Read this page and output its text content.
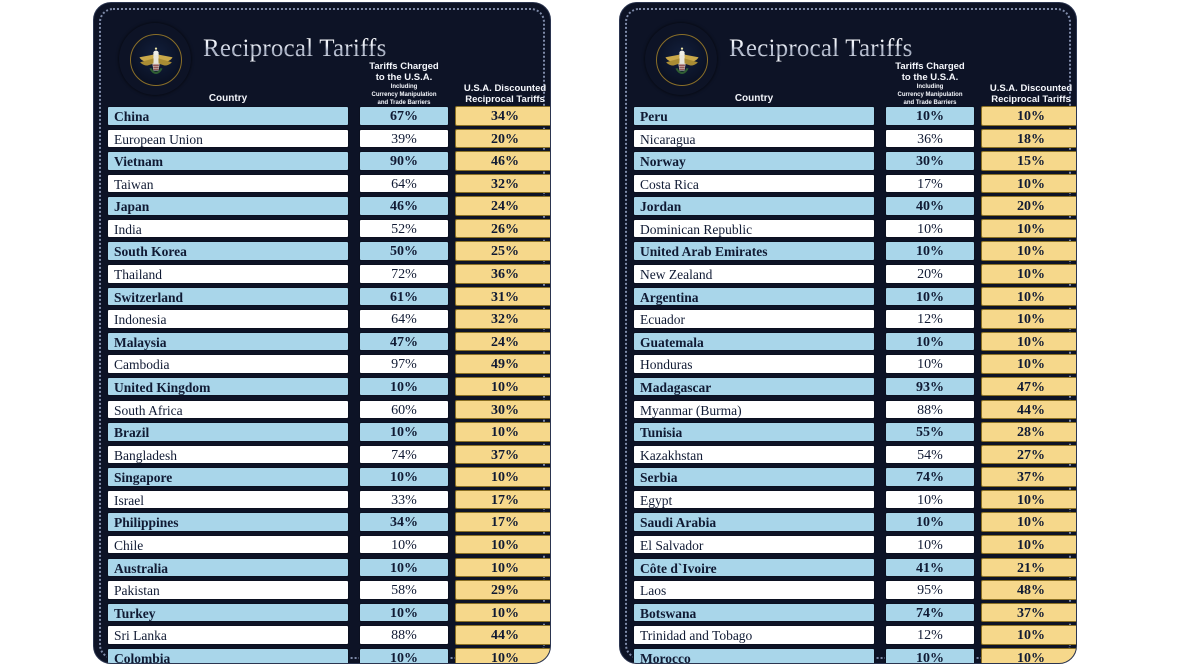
Reciprocal Tariffs
Country
Tariffs Charged
to the U.S.A.
Including
Currency Manipulation
and Trade Barriers
U.S.A. Discounted
Reciprocal Tariffs
China	67%	34%
European Union	39%	20%
Vietnam	90%	46%
Taiwan	64%	32%
Japan	46%	24%
India	52%	26%
South Korea	50%	25%
Thailand	72%	36%
Switzerland	61%	31%
Indonesia	64%	32%
Malaysia	47%	24%
Cambodia	97%	49%
United Kingdom	10%	10%
South Africa	60%	30%
Brazil	10%	10%
Bangladesh	74%	37%
Singapore	10%	10%
Israel	33%	17%
Philippines	34%	17%
Chile	10%	10%
Australia	10%	10%
Pakistan	58%	29%
Turkey	10%	10%
Sri Lanka	88%	44%
Colombia	10%	10%
Reciprocal Tariffs
Country
Tariffs Charged
to the U.S.A.
Including
Currency Manipulation
and Trade Barriers
U.S.A. Discounted
Reciprocal Tariffs
Peru	10%	10%
Nicaragua	36%	18%
Norway	30%	15%
Costa Rica	17%	10%
Jordan	40%	20%
Dominican Republic	10%	10%
United Arab Emirates	10%	10%
New Zealand	20%	10%
Argentina	10%	10%
Ecuador	12%	10%
Guatemala	10%	10%
Honduras	10%	10%
Madagascar	93%	47%
Myanmar (Burma)	88%	44%
Tunisia	55%	28%
Kazakhstan	54%	27%
Serbia	74%	37%
Egypt	10%	10%
Saudi Arabia	10%	10%
El Salvador	10%	10%
Côte d`Ivoire	41%	21%
Laos	95%	48%
Botswana	74%	37%
Trinidad and Tobago	12%	10%
Morocco	10%	10%
